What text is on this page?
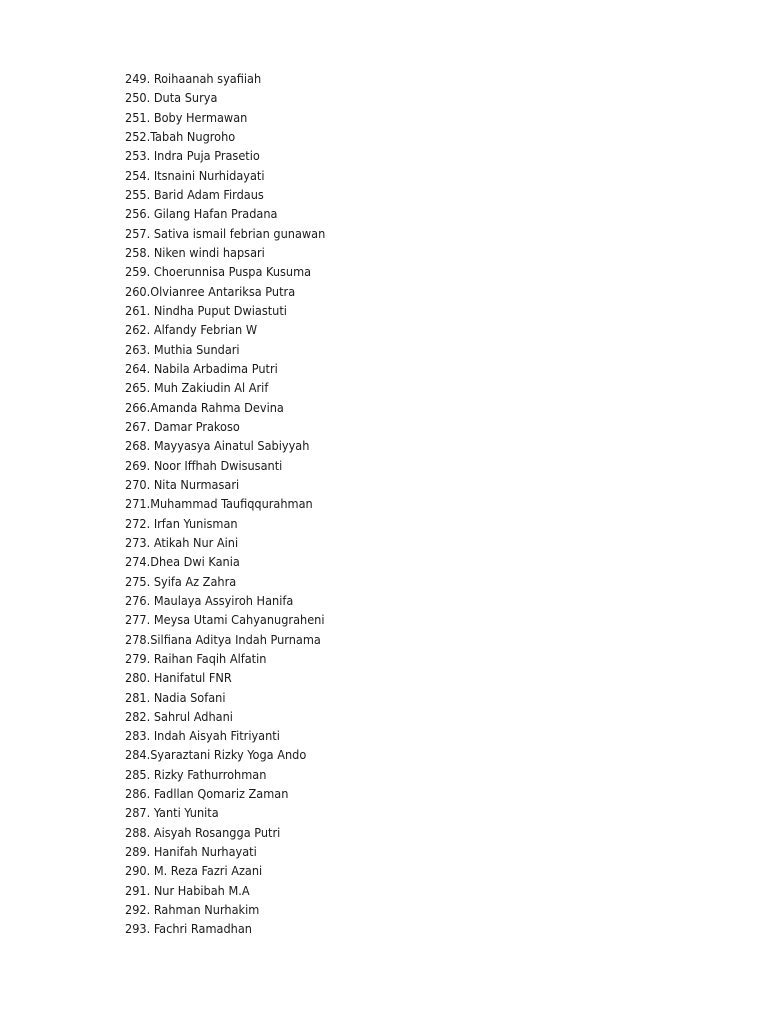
249. Roihaanah syafiiah
250. Duta Surya
251. Boby Hermawan
252.Tabah Nugroho
253. Indra Puja Prasetio
254. Itsnaini Nurhidayati
255. Barid Adam Firdaus
256. Gilang Hafan Pradana
257. Sativa ismail febrian gunawan
258. Niken windi hapsari
259. Choerunnisa Puspa Kusuma
260.Olvianree Antariksa Putra
261. Nindha Puput Dwiastuti
262. Alfandy Febrian W
263. Muthia Sundari
264. Nabila Arbadima Putri
265. Muh Zakiudin Al Arif
266.Amanda Rahma Devina
267. Damar Prakoso
268. Mayyasya Ainatul Sabiyyah
269. Noor Iffhah Dwisusanti
270. Nita Nurmasari
271.Muhammad Taufiqqurahman
272. Irfan Yunisman
273. Atikah Nur Aini
274.Dhea Dwi Kania
275. Syifa Az Zahra
276. Maulaya Assyiroh Hanifa
277. Meysa Utami Cahyanugraheni
278.Silfiana Aditya Indah Purnama
279. Raihan Faqih Alfatin
280. Hanifatul FNR
281. Nadia Sofani
282. Sahrul Adhani
283. Indah Aisyah Fitriyanti
284.Syaraztani Rizky Yoga Ando
285. Rizky Fathurrohman
286. Fadllan Qomariz Zaman
287. Yanti Yunita
288. Aisyah Rosangga Putri
289. Hanifah Nurhayati
290. M. Reza Fazri Azani
291. Nur Habibah M.A
292. Rahman Nurhakim
293. Fachri Ramadhan
